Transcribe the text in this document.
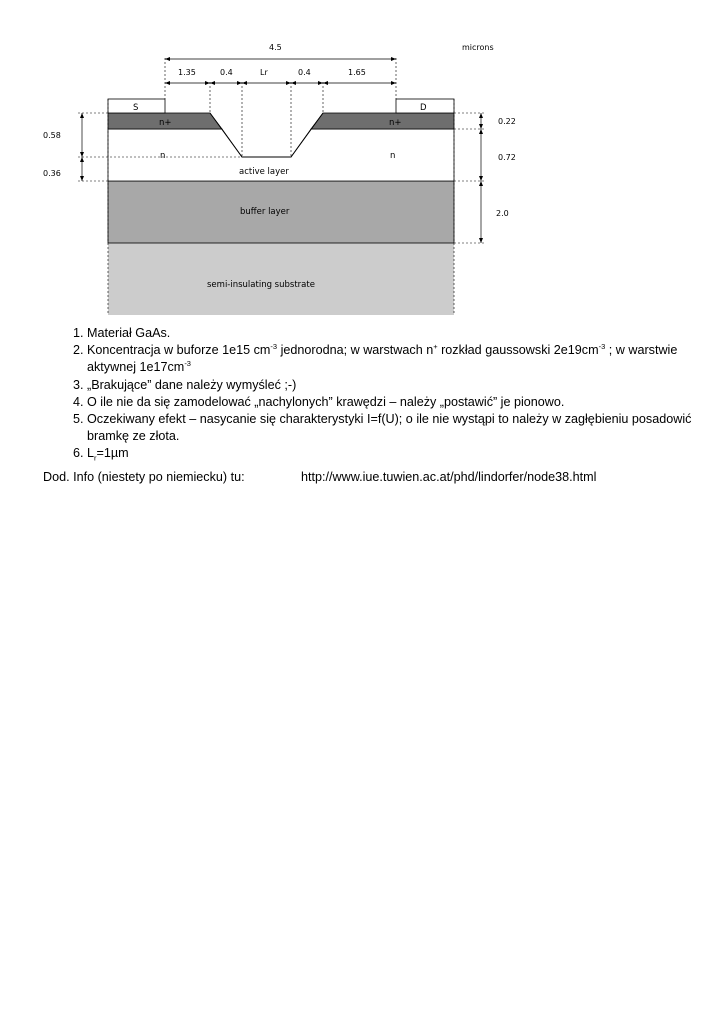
4.5	microns
1.35	0.4	Lr	0.4	1.65
0.58
0.36
0.22
0.72
2.0
S	D
n+	n+
n	n
active layer
buffer layer
semi-insulating substrate
1. Materiał GaAs.
2. Koncentracja w buforze 1e15 $cm^{-3}$ jednorodna; w warstwach n+ rozkład gaussowski $2e19cm^{-3}$ ; w warstwie aktywnej $1e17cm^{-3}$
3. „Brakujące” dane należy wymyśleć ;-)
4. O ile nie da się zamodelować „nachylonych” krawędzi – należy „postawić” je pionowo.
5. Oczekiwany efekt – nasycanie się charakterystyki I=f(U); o ile nie wystąpi to należy w zagłębieniu posadowić bramkę ze złota.
6. $L_r=1\mu m$
Dod. Info (niestety po niemiecku) tu:	http://www.iue.tuwien.ac.at/phd/lindorfer/node38.html
